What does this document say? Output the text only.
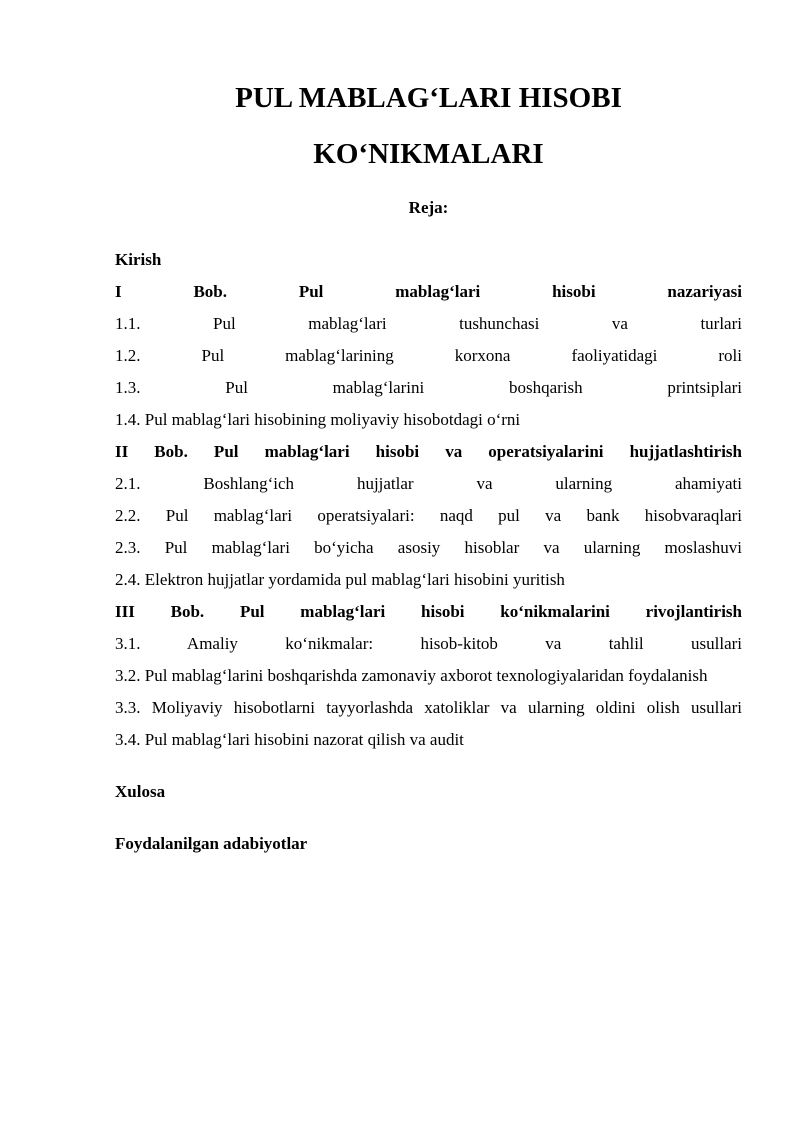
PUL MABLAG‘LARI HISOBI
KO‘NIKMALARI

Reja:

Kirish

I Bob. Pul mablag‘lari hisobi nazariyasi

1.1. Pul mablag‘lari tushunchasi va turlari

1.2. Pul mablag‘larining korxona faoliyatidagi roli

1.3. Pul mablag‘larini boshqarish printsiplari

1.4. Pul mablag‘lari hisobining moliyaviy hisobotdagi o‘rni

II Bob. Pul mablag‘lari hisobi va operatsiyalarini hujjatlashtirish

2.1. Boshlang‘ich hujjatlar va ularning ahamiyati

2.2. Pul mablag‘lari operatsiyalari: naqd pul va bank hisobvaraqlari

2.3. Pul mablag‘lari bo‘yicha asosiy hisoblar va ularning moslashuvi

2.4. Elektron hujjatlar yordamida pul mablag‘lari hisobini yuritish

III Bob. Pul mablag‘lari hisobi ko‘nikmalarini rivojlantirish

3.1. Amaliy ko‘nikmalar: hisob-kitob va tahlil usullari

3.2. Pul mablag‘larini boshqarishda zamonaviy axborot texnologiyalaridan foydalanish

3.3. Moliyaviy hisobotlarni tayyorlashda xatoliklar va ularning oldini olish usullari

3.4. Pul mablag‘lari hisobini nazorat qilish va audit

Xulosa

Foydalanilgan adabiyotlar
